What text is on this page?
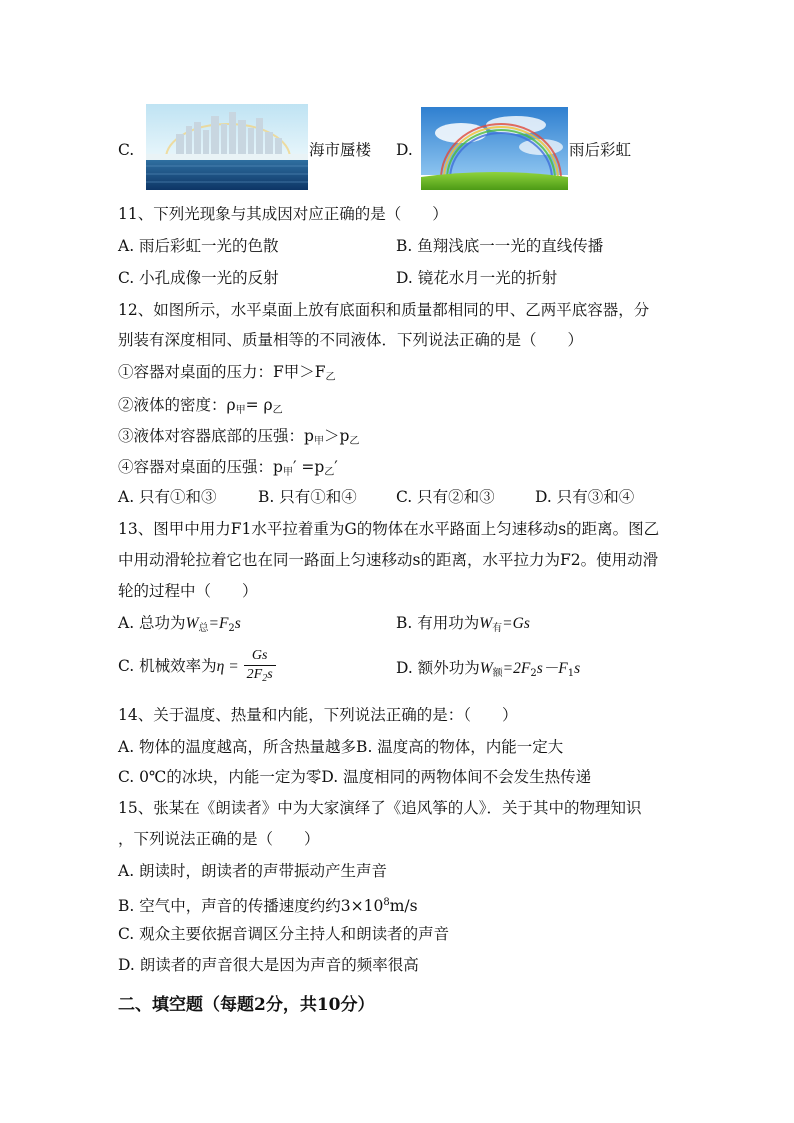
C.	海市蜃楼 D.	雨后彩虹
11、下列光现象与其成因对应正确的是（　　）
A. 雨后彩虹一光的色散	B. 鱼翔浅底一一光的直线传播
C. 小孔成像一光的反射	D. 镜花水月一光的折射
12、如图所示，水平桌面上放有底面积和质量都相同的甲、乙两平底容器，分
别装有深度相同、质量相等的不同液体．下列说法正确的是（　　）
①容器对桌面的压力：F甲$>F_乙$
②液体的密度：$\rho_甲= \rho_乙$
③液体对容器底部的压强：$p_甲>p_乙$
④容器对桌面的压强：$p_甲' =p_乙'$
A. 只有①和③	B. 只有①和④	C. 只有②和③	D. 只有③和④
13、图甲中用力F1水平拉着重为G的物体在水平路面上匀速移动s的距离。图乙
中用动滑轮拉着它也在同一路面上匀速移动s的距离，水平拉力为F2。使用动滑
轮的过程中（　　）
A. 总功为$W_总=F_2s$	B. 有用功为$W_有=Gs$
C. 机械效率为$\eta = \frac{Gs}{2F_2s}$	D. 额外功为$W_额=2F_2s-F_1s$
14、关于温度、热量和内能，下列说法正确的是：（　　）
A. 物体的温度越高，所含热量越多B. 温度高的物体，内能一定大
C. 0℃的冰块，内能一定为零D. 温度相同的两物体间不会发生热传递
15、张某在《朗读者》中为大家演绎了《追风筝的人》．关于其中的物理知识
，下列说法正确的是（　　）
A. 朗读时，朗读者的声带振动产生声音
B. 空气中，声音的传播速度约约$3\times 10^8m/s$
C. 观众主要依据音调区分主持人和朗读者的声音
D. 朗读者的声音很大是因为声音的频率很高
二、填空题（每题2分，共10分）
